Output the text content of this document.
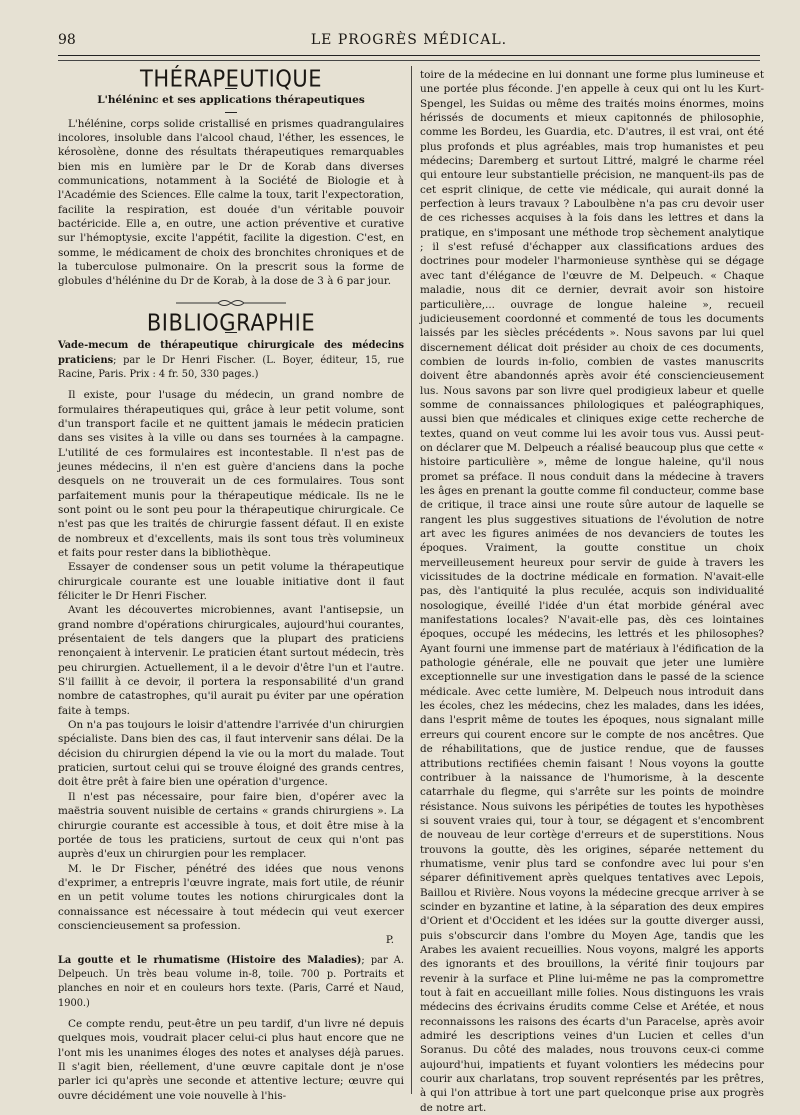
98	LE PROGRÈS MÉDICAL.
THÉRAPEUTIQUE
L'héléninc et ses applications thérapeutiques

L'hélénine, corps solide cristallisé en prismes quadrangulaires incolores, insoluble dans l'alcool chaud, l'éther, les essences, le kérosolène, donne des résultats thérapeutiques remarquables bien mis en lumière par le Dr de Korab dans diverses communications, notamment à la Société de Biologie et à l'Académie des Sciences. Elle calme la toux, tarit l'expectoration, facilite la respiration, est douée d'un véritable pouvoir bactéricide. Elle a, en outre, une action préventive et curative sur l'hémoptysie, excite l'appétit, facilite la digestion. C'est, en somme, le médicament de choix des bronchites chroniques et de la tuberculose pulmonaire. On la prescrit sous la forme de globules d'hélénine du Dr de Korab, à la dose de 3 à 6 par jour.

BIBLIOGRAPHIE
Vade-mecum de thérapeutique chirurgicale des médecins praticiens; par le Dr Henri Fischer. (L. Boyer, éditeur, 15, rue Racine, Paris. Prix : 4 fr. 50, 330 pages.)

Il existe, pour l'usage du médecin, un grand nombre de formulaires thérapeutiques qui, grâce à leur petit volume, sont d'un transport facile et ne quittent jamais le médecin praticien dans ses visites à la ville ou dans ses tournées à la campagne. L'utilité de ces formulaires est incontestable. Il n'est pas de jeunes médecins, il n'en est guère d'anciens dans la poche desquels on ne trouverait un de ces formulaires. Tous sont parfaitement munis pour la thérapeutique médicale. Ils ne le sont point ou le sont peu pour la thérapeutique chirurgicale. Ce n'est pas que les traités de chirurgie fassent défaut. Il en existe de nombreux et d'excellents, mais ils sont tous très volumineux et faits pour rester dans la bibliothèque.

Essayer de condenser sous un petit volume la thérapeutique chirurgicale courante est une louable initiative dont il faut féliciter le Dr Henri Fischer.

Avant les découvertes microbiennes, avant l'antisepsie, un grand nombre d'opérations chirurgicales, aujourd'hui courantes, présentaient de tels dangers que la plupart des praticiens renonçaient à intervenir. Le praticien étant surtout médecin, très peu chirurgien. Actuellement, il a le devoir d'être l'un et l'autre. S'il faillit à ce devoir, il portera la responsabilité d'un grand nombre de catastrophes, qu'il aurait pu éviter par une opération faite à temps.

On n'a pas toujours le loisir d'attendre l'arrivée d'un chirurgien spécialiste. Dans bien des cas, il faut intervenir sans délai. De la décision du chirurgien dépend la vie ou la mort du malade. Tout praticien, surtout celui qui se trouve éloigné des grands centres, doit être prêt à faire bien une opération d'urgence.

Il n'est pas nécessaire, pour faire bien, d'opérer avec la maëstria souvent nuisible de certains « grands chirurgiens ». La chirurgie courante est accessible à tous, et doit être mise à la portée de tous les praticiens, surtout de ceux qui n'ont pas auprès d'eux un chirurgien pour les remplacer.

M. le Dr Fischer, pénétré des idées que nous venons d'exprimer, a entrepris l'œuvre ingrate, mais fort utile, de réunir en un petit volume toutes les notions chirurgicales dont la connaissance est nécessaire à tout médecin qui veut exercer consciencieusement sa profession.

P.
La goutte et le rhumatisme (Histoire des Maladies); par A. Delpeuch. Un très beau volume in-8, toile. 700 p. Portraits et planches en noir et en couleurs hors texte. (Paris, Carré et Naud, 1900.)

Ce compte rendu, peut-être un peu tardif, d'un livre né depuis quelques mois, voudrait placer celui-ci plus haut encore que ne l'ont mis les unanimes éloges des notes et analyses déjà parues. Il s'agit bien, réellement, d'une œuvre capitale dont je n'ose parler ici qu'après une seconde et attentive lecture; œuvre qui ouvre décidément une voie nouvelle à l'his-

toire de la médecine en lui donnant une forme plus lumineuse et une portée plus féconde. J'en appelle à ceux qui ont lu les Kurt-Spengel, les Suidas ou même des traités moins énormes, moins hérissés de documents et mieux capitonnés de philosophie, comme les Bordeu, les Guardia, etc. D'autres, il est vrai, ont été plus profonds et plus agréables, mais trop humanistes et peu médecins; Daremberg et surtout Littré, malgré le charme réel qui entoure leur substantielle précision, ne manquent-ils pas de cet esprit clinique, de cette vie médicale, qui aurait donné la perfection à leurs travaux ? Laboulbène n'a pas cru devoir user de ces richesses acquises à la fois dans les lettres et dans la pratique, en s'imposant une méthode trop sèchement analytique ; il s'est refusé d'échapper aux classifications ardues des doctrines pour modeler l'harmonieuse synthèse qui se dégage avec tant d'élégance de l'œuvre de M. Delpeuch. « Chaque maladie, nous dit ce dernier, devrait avoir son histoire particulière,... ouvrage de longue haleine », recueil judicieusement coordonné et commenté de tous les documents laissés par les siècles précédents ». Nous savons par lui quel discernement délicat doit présider au choix de ces documents, combien de lourds in-folio, combien de vastes manuscrits doivent être abandonnés après avoir été consciencieusement lus. Nous savons par son livre quel prodigieux labeur et quelle somme de connaissances philologiques et paléographiques, aussi bien que médicales et cliniques exige cette recherche de textes, quand on veut comme lui les avoir tous vus. Aussi peut-on déclarer que M. Delpeuch a réalisé beaucoup plus que cette « histoire particulière », même de longue haleine, qu'il nous promet sa préface. Il nous conduit dans la médecine à travers les âges en prenant la goutte comme fil conducteur, comme base de critique, il trace ainsi une route sûre autour de laquelle se rangent les plus suggestives situations de l'évolution de notre art avec les figures animées de nos devanciers de toutes les époques. Vraiment, la goutte constitue un choix merveilleusement heureux pour servir de guide à travers les vicissitudes de la doctrine médicale en formation. N'avait-elle pas, dès l'antiquité la plus reculée, acquis son individualité nosologique, éveillé l'idée d'un état morbide général avec manifestations locales? N'avait-elle pas, dès ces lointaines époques, occupé les médecins, les lettrés et les philosophes? Ayant fourni une immense part de matériaux à l'édification de la pathologie générale, elle ne pouvait que jeter une lumière exceptionnelle sur une investigation dans le passé de la science médicale. Avec cette lumière, M. Delpeuch nous introduit dans les écoles, chez les médecins, chez les malades, dans les idées, dans l'esprit même de toutes les époques, nous signalant mille erreurs qui courent encore sur le compte de nos ancêtres. Que de réhabilitations, que de justice rendue, que de fausses attributions rectifiées chemin faisant ! Nous voyons la goutte contribuer à la naissance de l'humorisme, à la descente catarrhale du flegme, qui s'arrête sur les points de moindre résistance. Nous suivons les péripéties de toutes les hypothèses si souvent vraies qui, tour à tour, se dégagent et s'encombrent de nouveau de leur cortège d'erreurs et de superstitions. Nous trouvons la goutte, dès les origines, séparée nettement du rhumatisme, venir plus tard se confondre avec lui pour s'en séparer définitivement après quelques tentatives avec Lepois, Baillou et Rivière. Nous voyons la médecine grecque arriver à se scinder en byzantine et latine, à la séparation des deux empires d'Orient et d'Occident et les idées sur la goutte diverger aussi, puis s'obscurcir dans l'ombre du Moyen Age, tandis que les Arabes les avaient recueillies. Nous voyons, malgré les apports des ignorants et des brouillons, la vérité finir toujours par revenir à la surface et Pline lui-même ne pas la compromettre tout à fait en accueillant mille folies. Nous distinguons les vrais médecins des écrivains érudits comme Celse et Arétée, et nous reconnaissons les raisons des écarts d'un Paracelse, après avoir admiré les descriptions veines d'un Lucien et celles d'un Soranus. Du côté des malades, nous trouvons ceux-ci comme aujourd'hui, impatients et fuyant volontiers les médecins pour courir aux charlatans, trop souvent représentés par les prêtres, à qui l'on attribue à tort une part quelconque prise aux progrès de notre art.
